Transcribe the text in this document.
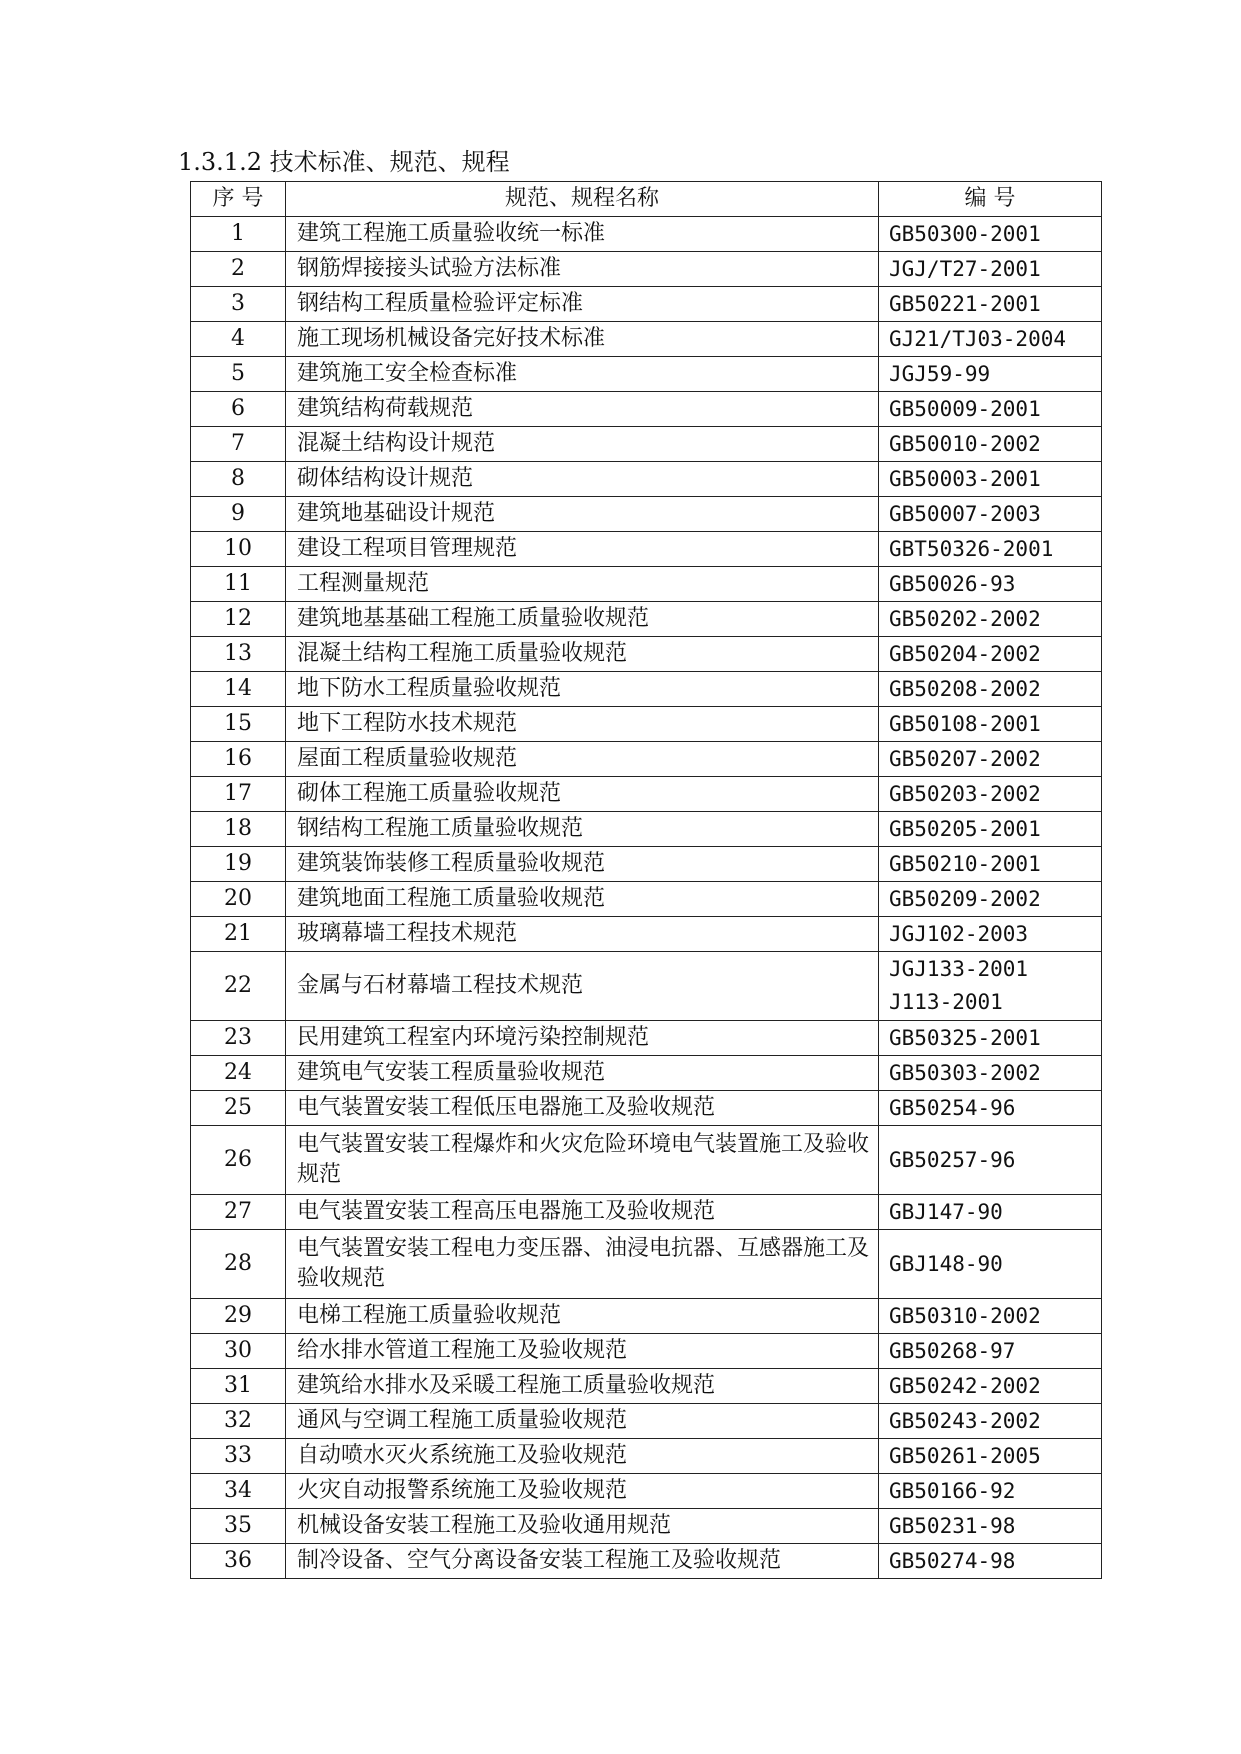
1.3.1.2 技术标准、规范、规程
序 号	规范、规程名称	编 号
1	建筑工程施工质量验收统一标准	GB50300-2001

2	钢筋焊接接头试验方法标准	JGJ/T27-2001

3	钢结构工程质量检验评定标准	GB50221-2001

4	施工现场机械设备完好技术标准	GJ21/TJ03-2004

5	建筑施工安全检查标准	JGJ59-99

6	建筑结构荷载规范	GB50009-2001

7	混凝土结构设计规范	GB50010-2002

8	砌体结构设计规范	GB50003-2001

9	建筑地基础设计规范	GB50007-2003

10	建设工程项目管理规范	GBT50326-2001

11	工程测量规范	GB50026-93

12	建筑地基基础工程施工质量验收规范	GB50202-2002

13	混凝土结构工程施工质量验收规范	GB50204-2002

14	地下防水工程质量验收规范	GB50208-2002

15	地下工程防水技术规范	GB50108-2001

16	屋面工程质量验收规范	GB50207-2002

17	砌体工程施工质量验收规范	GB50203-2002

18	钢结构工程施工质量验收规范	GB50205-2001

19	建筑装饰装修工程质量验收规范	GB50210-2001

20	建筑地面工程施工质量验收规范	GB50209-2002

21	玻璃幕墙工程技术规范	JGJ102-2003

22	金属与石材幕墙工程技术规范	JGJ133-2001
J113-2001

23	民用建筑工程室内环境污染控制规范	GB50325-2001

24	建筑电气安装工程质量验收规范	GB50303-2002

25	电气装置安装工程低压电器施工及验收规范	GB50254-96

26	电气装置安装工程爆炸和火灾危险环境电气装置施工及验收规范	GB50257-96

27	电气装置安装工程高压电器施工及验收规范	GBJ147-90

28	电气装置安装工程电力变压器、油浸电抗器、互感器施工及验收规范	GBJ148-90

29	电梯工程施工质量验收规范	GB50310-2002

30	给水排水管道工程施工及验收规范	GB50268-97

31	建筑给水排水及采暖工程施工质量验收规范	GB50242-2002

32	通风与空调工程施工质量验收规范	GB50243-2002

33	自动喷水灭火系统施工及验收规范	GB50261-2005

34	火灾自动报警系统施工及验收规范	GB50166-92

35	机械设备安装工程施工及验收通用规范	GB50231-98

36	制冷设备、空气分离设备安装工程施工及验收规范	GB50274-98
